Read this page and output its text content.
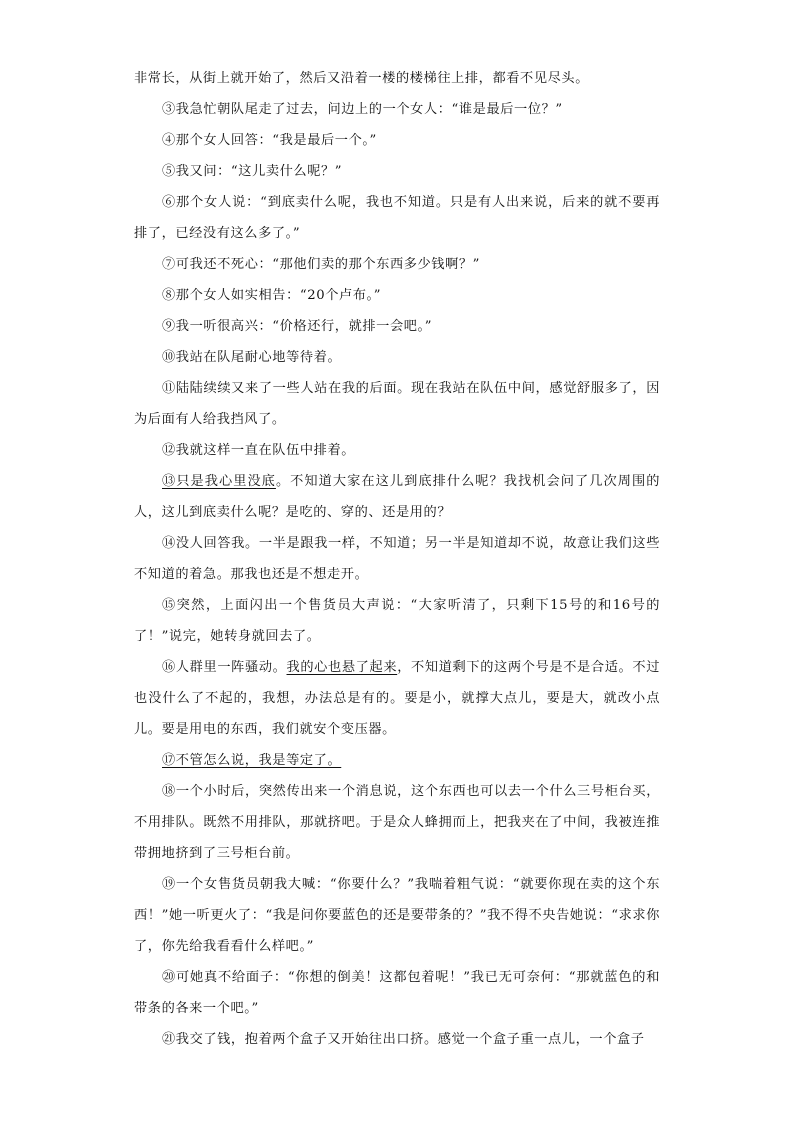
非常长，从街上就开始了，然后又沿着一楼的楼梯往上排，都看不见尽头。

③我急忙朝队尾走了过去，问边上的一个女人：“谁是最后一位？”

④那个女人回答：“我是最后一个。”

⑤我又问：“这儿卖什么呢？”

⑥那个女人说：“到底卖什么呢，我也不知道。只是有人出来说，后来的就不要再排了，已经没有这么多了。”

⑦可我还不死心：“那他们卖的那个东西多少钱啊？”

⑧那个女人如实相告：“20个卢布。”

⑨我一听很高兴：“价格还行，就排一会吧。”

⑩我站在队尾耐心地等待着。

⑪陆陆续续又来了一些人站在我的后面。现在我站在队伍中间，感觉舒服多了，因为后面有人给我挡风了。

⑫我就这样一直在队伍中排着。

⑬只是我心里没底。不知道大家在这儿到底排什么呢？我找机会问了几次周围的人，这儿到底卖什么呢？是吃的、穿的、还是用的？

⑭没人回答我。一半是跟我一样，不知道；另一半是知道却不说，故意让我们这些不知道的着急。那我也还是不想走开。

⑮突然，上面闪出一个售货员大声说：“大家听清了，只剩下15号的和16号的了！”说完，她转身就回去了。

⑯人群里一阵骚动。我的心也悬了起来，不知道剩下的这两个号是不是合适。不过也没什么了不起的，我想，办法总是有的。要是小，就撑大点儿，要是大，就改小点儿。要是用电的东西，我们就安个变压器。

⑰不管怎么说，我是等定了。

⑱一个小时后，突然传出来一个消息说，这个东西也可以去一个什么三号柜台买，不用排队。既然不用排队，那就挤吧。于是众人蜂拥而上，把我夹在了中间，我被连推带拥地挤到了三号柜台前。

⑲一个女售货员朝我大喊：“你要什么？”我喘着粗气说：“就要你现在卖的这个东西！”她一听更火了：“我是问你要蓝色的还是要带条的？”我不得不央告她说：“求求你了，你先给我看看什么样吧。”

⑳可她真不给面子：“你想的倒美！这都包着呢！”我已无可奈何：“那就蓝色的和带条的各来一个吧。”

㉑我交了钱，抱着两个盒子又开始往出口挤。感觉一个盒子重一点儿，一个盒子
